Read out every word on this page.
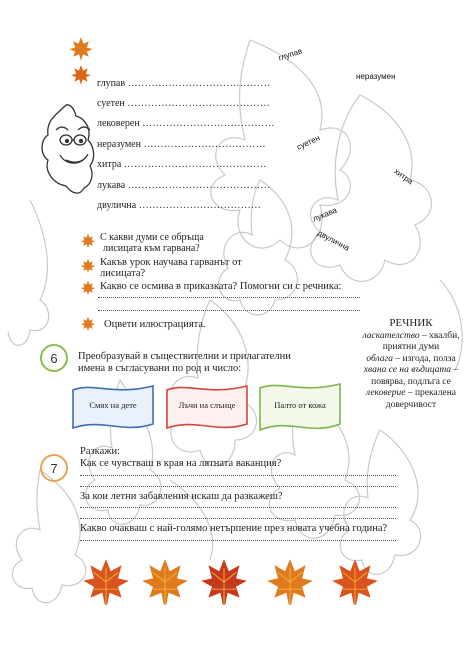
глупав ……………………………………
суетен ……………………………………
лековерен …………………………………
неразумен ………………………………
хитра ……………………………………
лукава ……………………………………
двулична ………………………………
глупав
неразумен
суетен
хитра
лукава
двулична
С какви думи се обръща
лисицата към гарвана?
Какъв урок научава гарванът от
лисицата?
Какво се осмива в приказката? Помогни си с речника:
Оцвети илюстрацията.	РЕЧНИК
ласкателство – хвалби,
приятни думи
облага – изгода, полза
хвана се на въдицата –
повярва, подлъга се
лековерие – прекалена
доверчивост
6	Преобразувай в съществителни и прилагателни
имена в съгласувани по род и число:
Смях на дете	Лъчи на слънце	Палто от кожа
7
Разкажи:
Как се чувстваш в края на лятната ваканция?
За кои летни забавления искаш да разкажеш?
Какво очакваш с най-голямо нетърпение през новата учебна година?
